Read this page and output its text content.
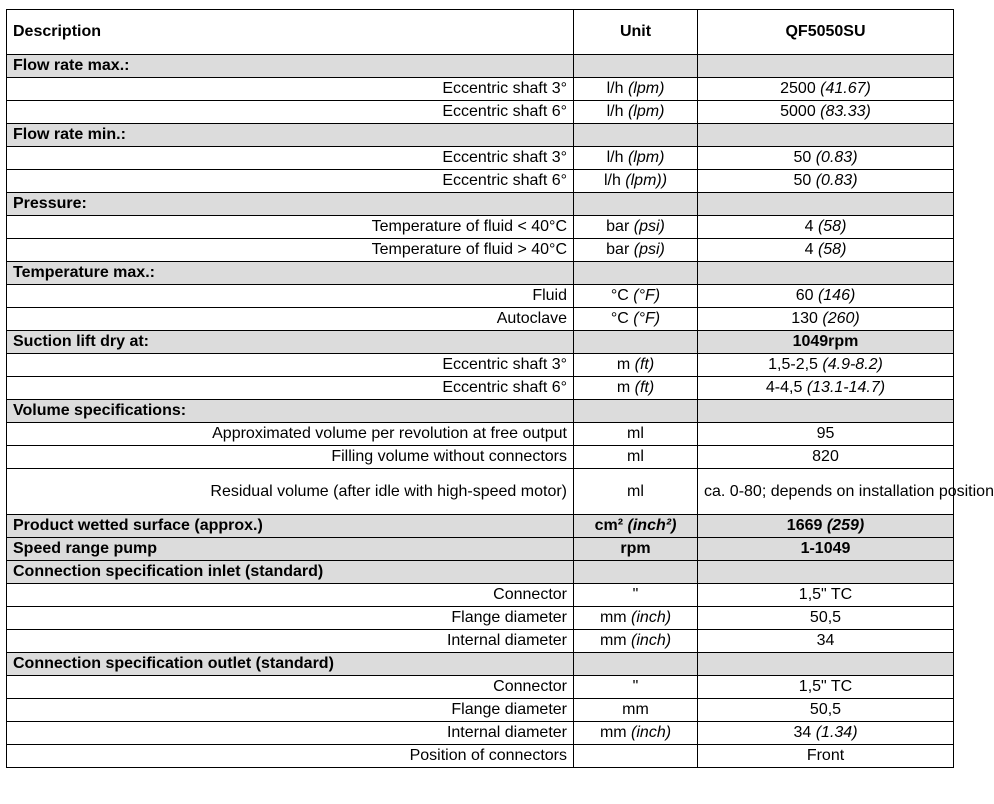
Description	Unit	QF5050SU
Flow rate max.:		
Eccentric shaft 3°	l/h (lpm)	2500 (41.67)
Eccentric shaft 6°	l/h (lpm)	5000 (83.33)
Flow rate min.:		
Eccentric shaft 3°	l/h (lpm)	50 (0.83)
Eccentric shaft 6°	l/h (lpm))	50 (0.83)
Pressure:		
Temperature of fluid < 40°C	bar (psi)	4 (58)
Temperature of fluid > 40°C	bar (psi)	4 (58)
Temperature max.:		
Fluid	°C (°F)	60 (146)
Autoclave	°C (°F)	130 (260)
Suction lift dry at:		1049rpm
Eccentric shaft 3°	m (ft)	1,5-2,5 (4.9-8.2)
Eccentric shaft 6°	m (ft)	4-4,5 (13.1-14.7)
Volume specifications:		
Approximated volume per revolution at free output	ml	95
Filling volume without connectors	ml	820
Residual volume (after idle with high-speed motor)	ml	ca. 0-80; depends on installation position
Product wetted surface (approx.)	cm² (inch²)	1669 (259)
Speed range pump	rpm	1-1049
Connection specification inlet (standard)		
Connector	"	1,5" TC
Flange diameter	mm (inch)	50,5
Internal diameter	mm (inch)	34
Connection specification outlet (standard)		
Connector	"	1,5" TC
Flange diameter	mm	50,5
Internal diameter	mm (inch)	34 (1.34)
Position of connectors		Front
